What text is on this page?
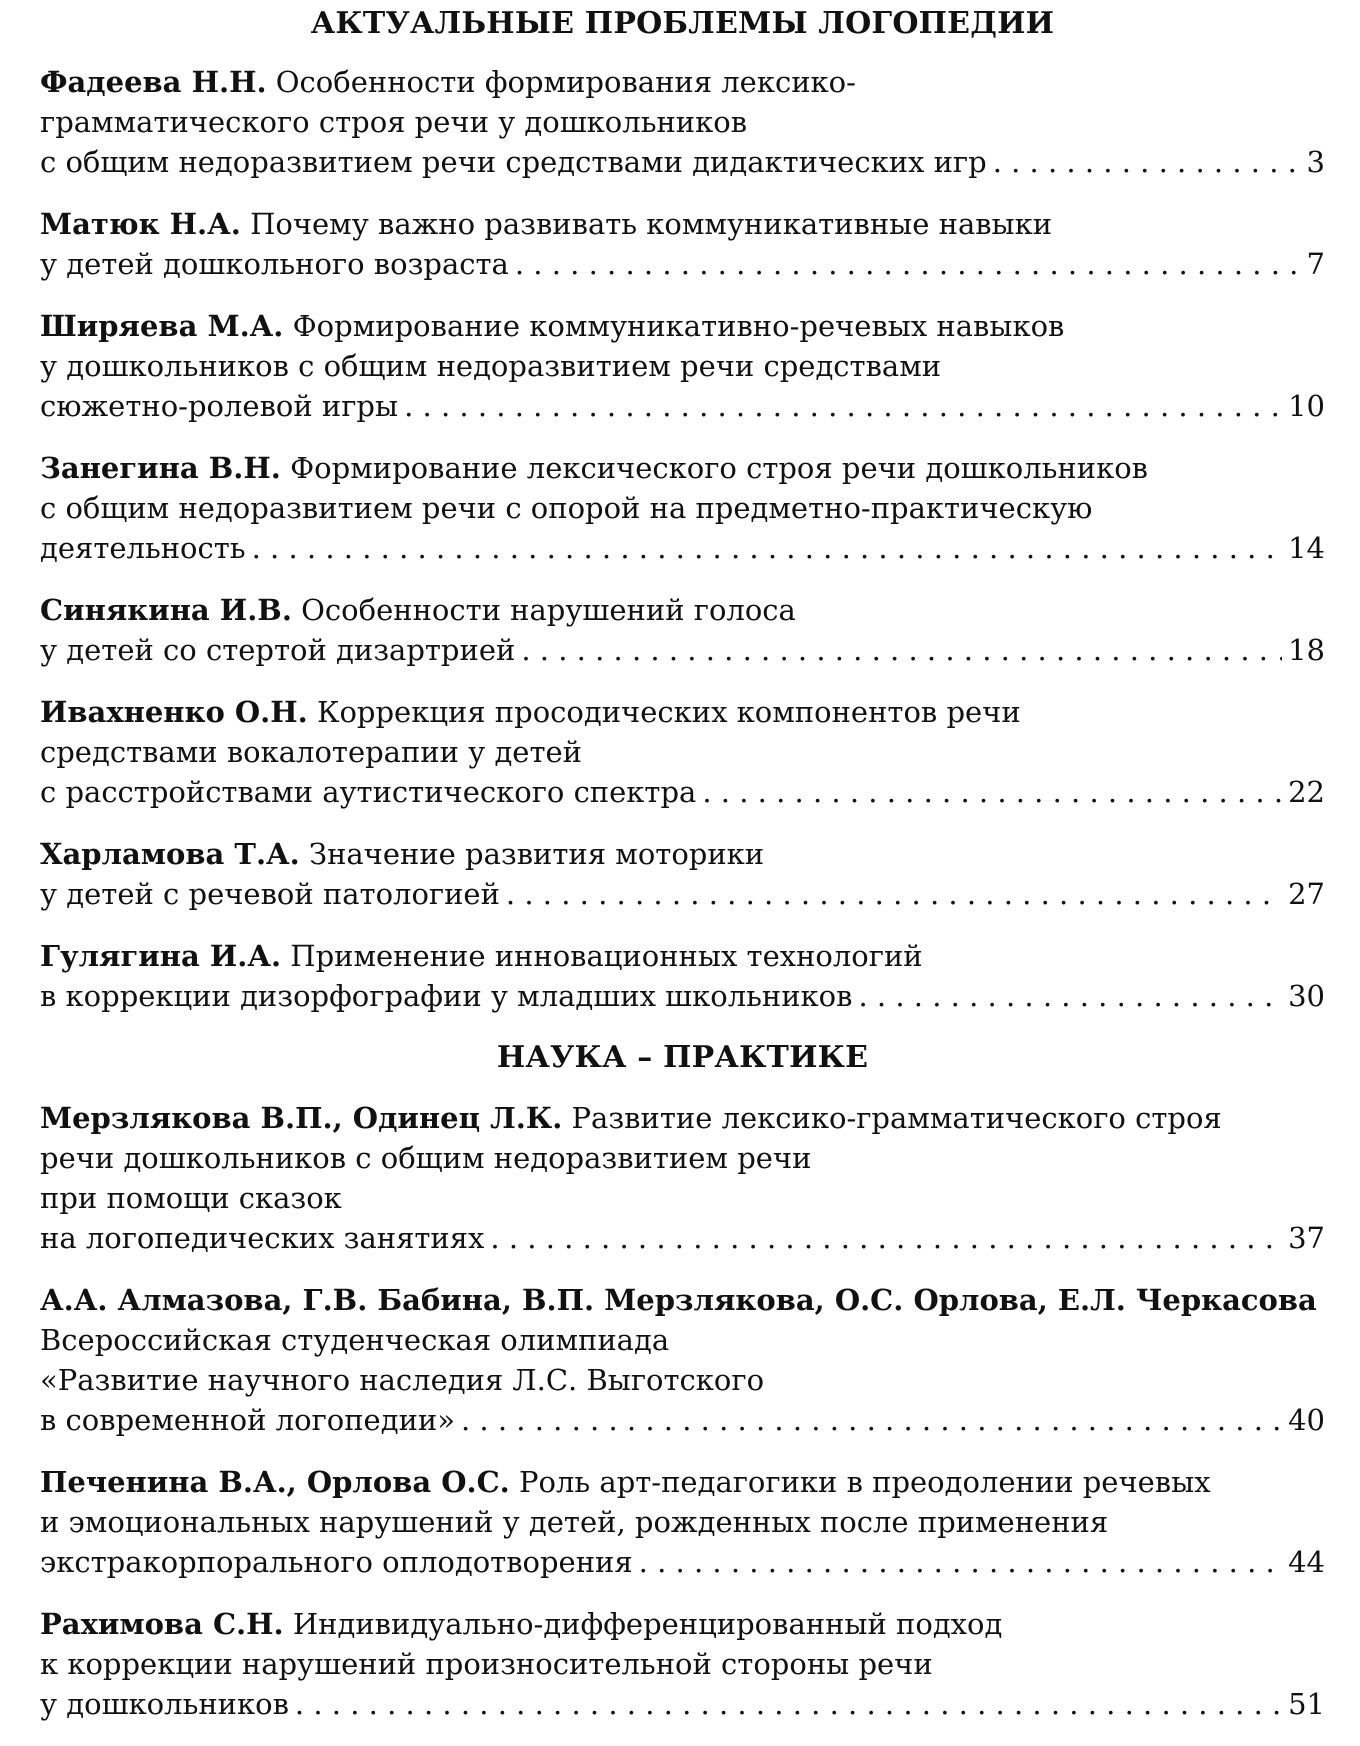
АКТУАЛЬНЫЕ ПРОБЛЕМЫ ЛОГОПЕДИИ
Фадеева Н.Н. Особенности формирования лексико-
грамматического строя речи у дошкольников
с общим недоразвитием речи средствами дидактических игр . . .	3
Матюк Н.А. Почему важно развивать коммуникативные навыки
у детей дошкольного возраста . . .	7
Ширяева М.А. Формирование коммуникативно-речевых навыков
у дошкольников с общим недоразвитием речи средствами
сюжетно-ролевой игры . . .	10
Занегина В.Н. Формирование лексического строя речи дошкольников
с общим недоразвитием речи с опорой на предметно-практическую
деятельность . . .	14
Синякина И.В. Особенности нарушений голоса
у детей со стертой дизартрией . . .	18
Ивахненко О.Н. Коррекция просодических компонентов речи
средствами вокалотерапии у детей
с расстройствами аутистического спектра . . .	22
Харламова Т.А. Значение развития моторики
у детей с речевой патологией . . .	27
Гулягина И.А. Применение инновационных технологий
в коррекции дизорфографии у младших школьников . . .	30
НАУКА – ПРАКТИКЕ
Мерзлякова В.П., Одинец Л.К. Развитие лексико-грамматического строя
речи дошкольников с общим недоразвитием речи
при помощи сказок
на логопедических занятиях . . .	37
А.А. Алмазова, Г.В. Бабина, В.П. Мерзлякова, О.С. Орлова, Е.Л. Черкасова
Всероссийская студенческая олимпиада
«Развитие научного наследия Л.С. Выготского
в современной логопедии» . . .	40
Печенина В.А., Орлова О.С. Роль арт-педагогики в преодолении речевых
и эмоциональных нарушений у детей, рожденных после применения
экстракорпорального оплодотворения . . .	44
Рахимова С.Н. Индивидуально-дифференцированный подход
к коррекции нарушений произносительной стороны речи
у дошкольников . . .	51
